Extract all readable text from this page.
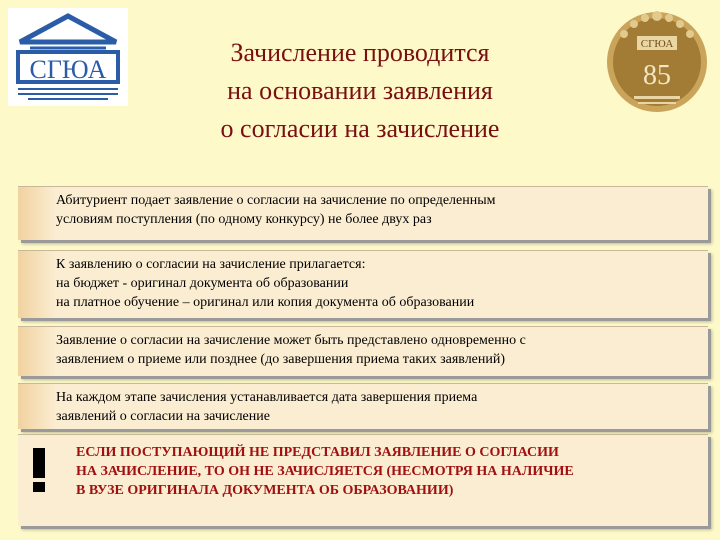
СГЮА
Зачисление проводится
на основании заявления
о согласии на зачисление
СГЮА
85
Абитуриент подает заявление о согласии на зачисление по определенным
условиям поступления (по одному конкурсу) не более двух раз
К заявлению о согласии на зачисление прилагается:
на бюджет - оригинал документа об образовании
на платное обучение – оригинал или копия документа об образовании
Заявление о согласии на зачисление может быть представлено одновременно с
заявлением о приеме или позднее (до завершения приема таких заявлений)
На каждом этапе зачисления устанавливается дата завершения приема
заявлений о согласии на зачисление
ЕСЛИ ПОСТУПАЮЩИЙ НЕ ПРЕДСТАВИЛ ЗАЯВЛЕНИЕ О СОГЛАСИИ
НА ЗАЧИСЛЕНИЕ, ТО ОН НЕ ЗАЧИСЛЯЕТСЯ (НЕСМОТРЯ НА НАЛИЧИЕ
В ВУЗЕ ОРИГИНАЛА ДОКУМЕНТА ОБ ОБРАЗОВАНИИ)
